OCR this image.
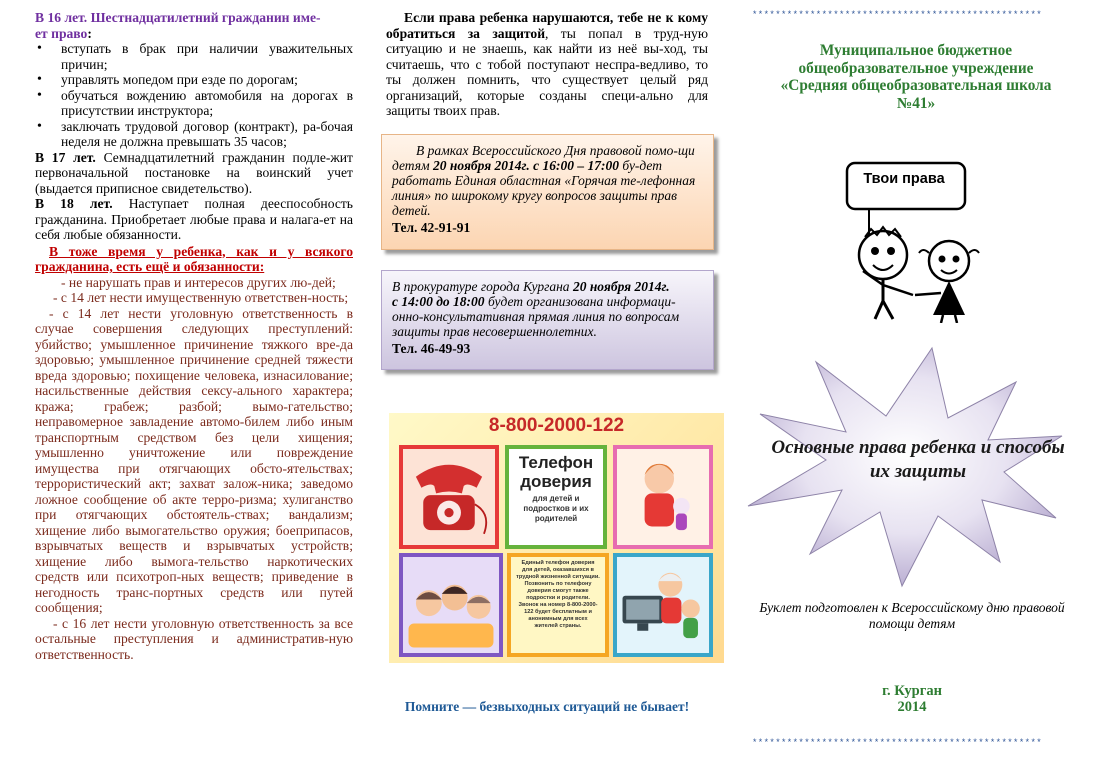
В 16 лет. Шестнадцатилетний гражданин име-
ет право:

• вступать в брак при наличии уважительных причин;
• управлять мопедом при езде по дорогам;
• обучаться вождению автомобиля на дорогах в присутствии инструктора;
• заключать трудовой договор (контракт), ра-бочая неделя не должна превышать 35 часов;

В 17 лет. Семнадцатилетний гражданин подле-жит первоначальной постановке на воинский учет (выдается приписное свидетельство).

В 18 лет. Наступает полная дееспособность гражданина. Приобретает любые права и налага-ет на себя любые обязанности.

В тоже время у ребенка, как и у всякого гражданина, есть ещё и обязанности:

- не нарушать прав и интересов других лю-дей;

- с 14 лет нести имущественную ответствен-ность;

- с 14 лет нести уголовную ответственность в случае совершения следующих преступлений: убийство; умышленное причинение тяжкого вре-да здоровью; умышленное причинение средней тяжести вреда здоровью; похищение человека, изнасилование; насильственные действия сексу-ального характера; кража; грабеж; разбой; вымо-гательство; неправомерное завладение автомо-билем либо иным транспортным средством без цели хищения; умышленно уничтожение или повреждение имущества при отягчающих обсто-ятельствах; террористический акт; захват залож-ника; заведомо ложное сообщение об акте терро-ризма; хулиганство при отягчающих обстоятель-ствах; вандализм; хищение либо вымогательство оружия; боеприпасов, взрывчатых веществ и взрывчатых устройств; хищение либо вымога-тельство наркотических средств или психотроп-ных веществ; приведение в негодность транс-портных средств или путей сообщения;

- с 16 лет нести уголовную ответственность за все остальные преступления и административ-ную ответственность.

Если права ребенка нарушаются, тебе не к кому обратиться за защитой, ты попал в труд-ную ситуацию и не знаешь, как найти из неё вы-ход, ты считаешь, что с тобой поступают неспра-ведливо, то ты должен помнить, что существует целый ряд организаций, которые созданы специ-ально для защиты твоих прав.

В рамках Всероссийского Дня правовой помо-щи детям 20 ноября 2014г. с 16:00 – 17:00 бу-дет работать Единая областная «Горячая те-лефонная линия» по широкому кругу вопросов защиты прав детей.

Тел. 42-91-91

В прокуратуре города Кургана 20 ноября 2014г.
с 14:00 до 18:00 будет организована информаци-онно-консультативная прямая линия по вопросам защиты прав несовершеннолетних.

Тел. 46-49-93

8-800-2000-122
Телефон доверия
для детей и подростков и их родителей

Единый телефон доверия для детей, оказавшихся в трудной жизненной ситуации. Позвонить по телефону доверия смогут также подростки и родители. Звонок на номер 8-800-2000-122 будет бесплатным и анонимным для всех жителей страны.

Помните — безвыходных ситуаций не бывает!
**************************************************
Муниципальное бюджетное общеобразовательное учреждение «Средняя общеобразовательная школа №41»
Твои права
Основные права ребенка и способы их защиты
Буклет подготовлен к Всероссийскому дню правовой помощи детям
г. Курган
2014
**************************************************
